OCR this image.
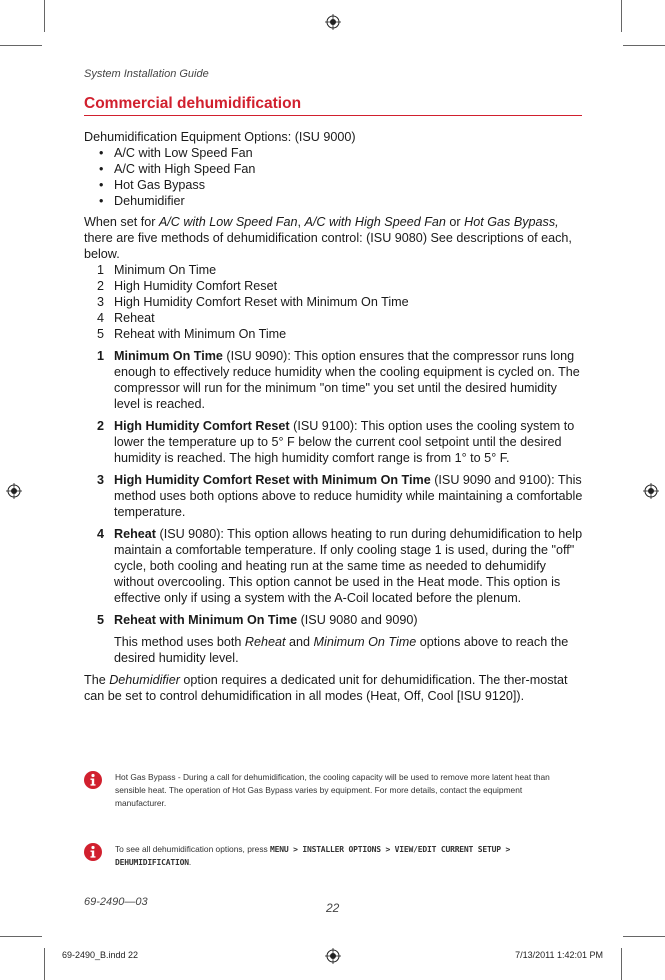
System Installation Guide
Commercial dehumidification

Dehumidification Equipment Options: (ISU 9000)

• A/C with Low Speed Fan
• A/C with High Speed Fan
• Hot Gas Bypass
• Dehumidifier

When set for A/C with Low Speed Fan, A/C with High Speed Fan or Hot Gas Bypass, there are five methods of dehumidification control: (ISU 9080) See descriptions of each, below.

1 Minimum On Time
2 High Humidity Comfort Reset
3 High Humidity Comfort Reset with Minimum On Time
4 Reheat
5 Reheat with Minimum On Time
1 Minimum On Time (ISU 9090): This option ensures that the compressor runs long enough to effectively reduce humidity when the cooling equipment is cycled on. The compressor will run for the minimum "on time" you set until the desired humidity level is reached.
2 High Humidity Comfort Reset (ISU 9100): This option uses the cooling system to lower the temperature up to 5° F below the current cool setpoint until the desired humidity is reached. The high humidity comfort range is from 1° to 5° F.
3 High Humidity Comfort Reset with Minimum On Time (ISU 9090 and 9100): This method uses both options above to reduce humidity while maintaining a comfortable temperature.
4 Reheat (ISU 9080): This option allows heating to run during dehumidification to help maintain a comfortable temperature. If only cooling stage 1 is used, during the "off" cycle, both cooling and heating run at the same time as needed to dehumidify without overcooling. This option cannot be used in the Heat mode. This option is effective only if using a system with the A-Coil located before the plenum.
5 Reheat with Minimum On Time (ISU 9080 and 9090)
This method uses both Reheat and Minimum On Time options above to reach the desired humidity level.

The Dehumidifier option requires a dedicated unit for dehumidification. The ther-mostat can be set to control dehumidification in all modes (Heat, Off, Cool [ISU 9120]).

Hot Gas Bypass - During a call for dehumidification, the cooling capacity will be used to remove more latent heat than sensible heat. The operation of Hot Gas Bypass varies by equipment. For more details, contact the equipment manufacturer.
To see all dehumidification options, press MENU > INSTALLER OPTIONS > VIEW/EDIT CURRENT SETUP > DEHUMIDIFICATION.
69-2490—03	22
69-2490_B.indd 22	7/13/2011 1:42:01 PM
